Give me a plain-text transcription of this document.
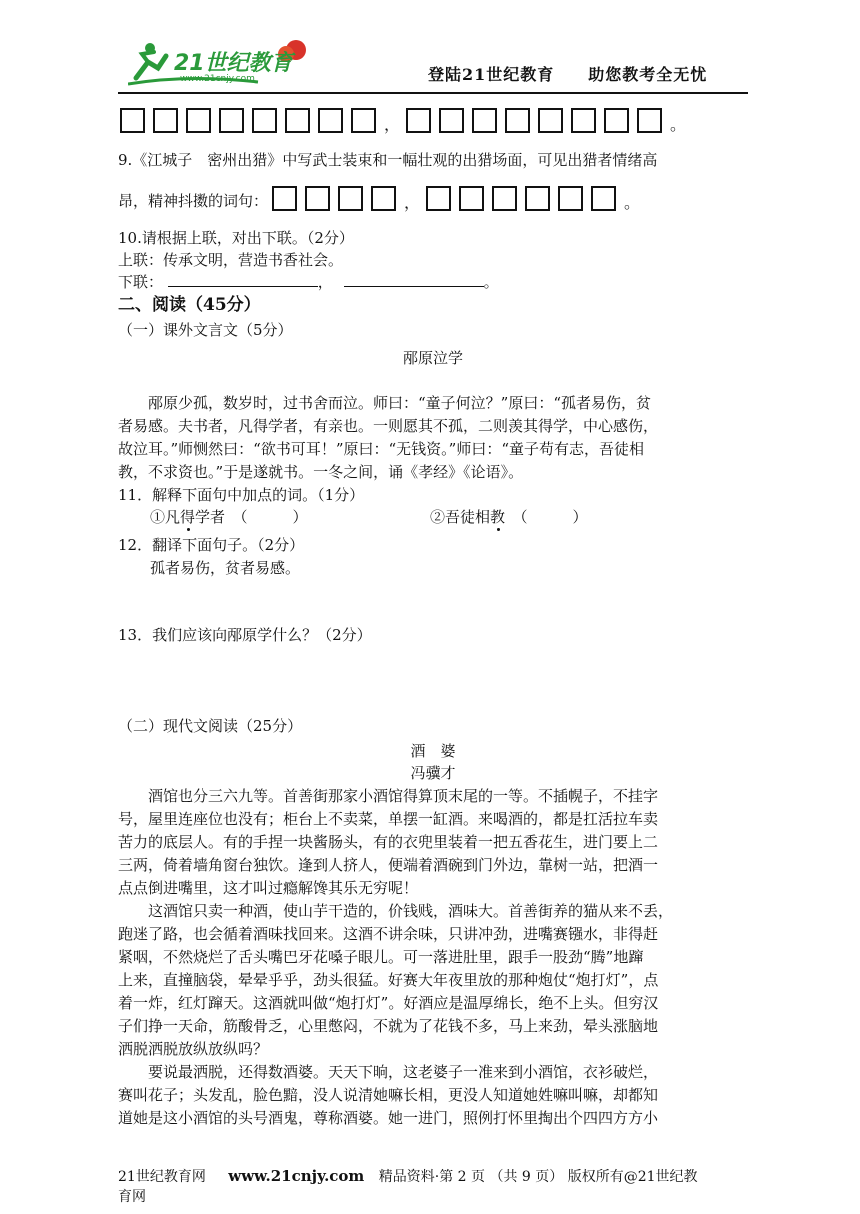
21世纪教育
www.21cnjy.com	登陆21世纪教育　　助您教考全无忧
，	。
9.《江城子　密州出猎》中写武士装束和一幅壮观的出猎场面，可见出猎者情绪高
昂，精神抖擞的词句：	，	。
10.请根据上联，对出下联。（2分）
上联：传承文明，营造书香社会。
下联：	，	。
二、阅读（45分）
（一）课外文言文（5分）
邴原泣学
　　邴原少孤，数岁时，过书舍而泣。师曰：“童子何泣？”原曰：“孤者易伤，贫
者易感。夫书者，凡得学者，有亲也。一则愿其不孤，二则羡其得学，中心感伤，
故泣耳。”师恻然曰：“欲书可耳！”原曰：“无钱资。”师曰：“童子苟有志，吾徒相
教，不求资也。”于是遂就书。一冬之间，诵《孝经》《论语》。
11．解释下面句中加点的词。（1分）
①凡得学者　（　　　）	②吾徒相教　（　　　）
12．翻译下面句子。（2分）
孤者易伤，贫者易感。
13．我们应该向邴原学什么？（2分）
（二）现代文阅读（25分）
酒　婆
冯骥才
　　酒馆也分三六九等。首善街那家小酒馆得算顶末尾的一等。不插幌子，不挂字
号，屋里连座位也没有；柜台上不卖菜，单摆一缸酒。来喝酒的，都是扛活拉车卖
苦力的底层人。有的手捏一块酱肠头，有的衣兜里装着一把五香花生，进门要上二
三两，倚着墙角窗台独饮。逢到人挤人，便端着酒碗到门外边，靠树一站，把酒一
点点倒进嘴里，这才叫过瘾解馋其乐无穷呢！
　　这酒馆只卖一种酒，使山芋干造的，价钱贱，酒味大。首善街养的猫从来不丢，
跑迷了路，也会循着酒味找回来。这酒不讲余味，只讲冲劲，进嘴赛镪水，非得赶
紧咽，不然烧烂了舌头嘴巴牙花嗓子眼儿。可一落进肚里，跟手一股劲“腾”地蹿
上来，直撞脑袋，晕晕乎乎，劲头很猛。好赛大年夜里放的那种炮仗“炮打灯”，点
着一炸，红灯蹿天。这酒就叫做“炮打灯”。好酒应是温厚绵长，绝不上头。但穷汉
子们挣一天命，筋酸骨乏，心里憋闷，不就为了花钱不多，马上来劲，晕头涨脑地
洒脱洒脱放纵放纵吗？
　　要说最洒脱，还得数酒婆。天天下晌，这老婆子一准来到小酒馆，衣衫破烂，
赛叫花子；头发乱，脸色黯，没人说清她嘛长相，更没人知道她姓嘛叫嘛，却都知
道她是这小酒馆的头号酒鬼，尊称酒婆。她一进门，照例打怀里掏出个四四方方小
21世纪教育网 www.21cnjy.com 精品资料·第 2 页 （共 9 页） 版权所有@21世纪教
育网
